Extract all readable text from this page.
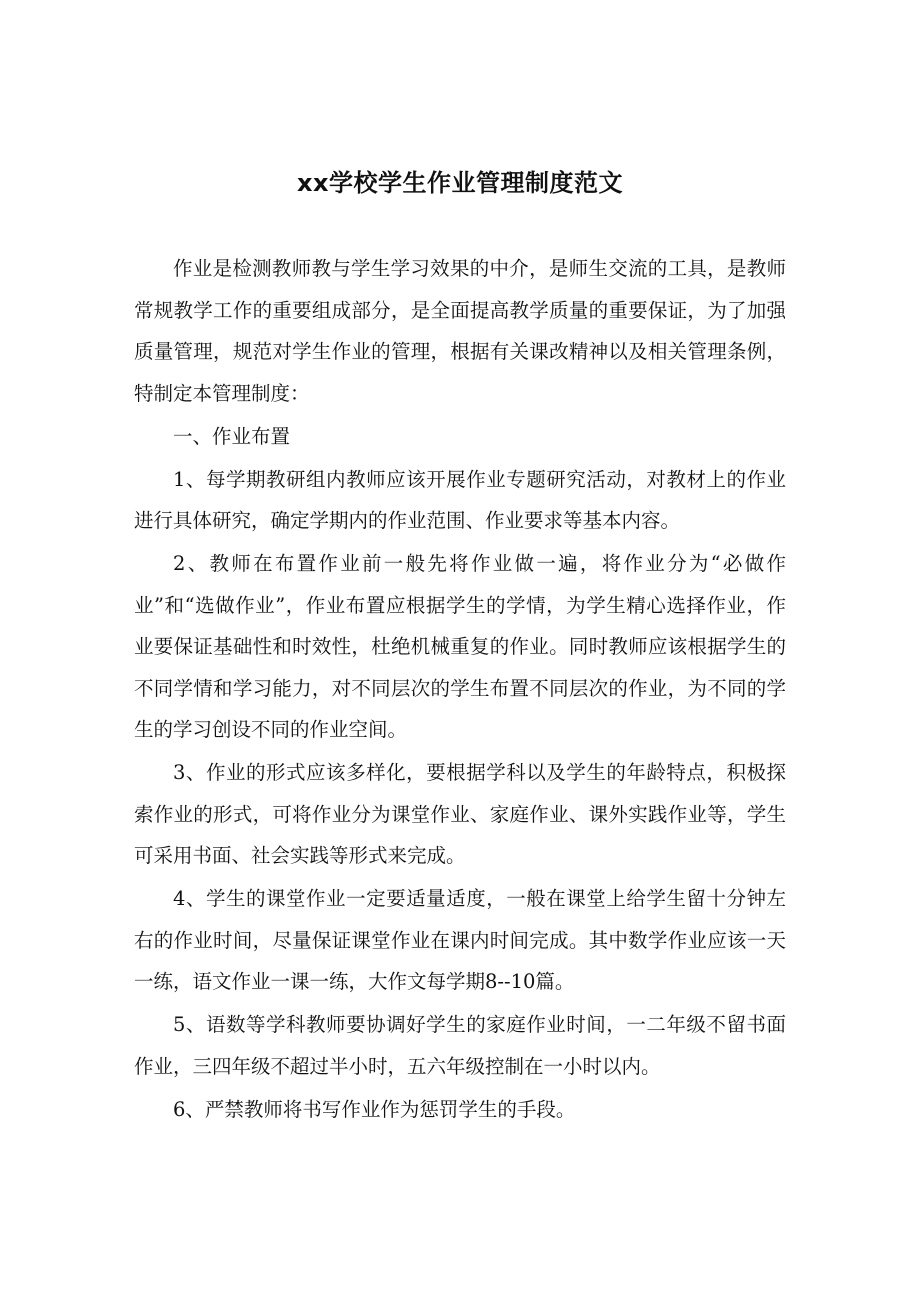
xx学校学生作业管理制度范文

作业是检测教师教与学生学习效果的中介，是师生交流的工具，是教师常规教学工作的重要组成部分，是全面提高教学质量的重要保证，为了加强质量管理，规范对学生作业的管理，根据有关课改精神以及相关管理条例，特制定本管理制度：

一、作业布置

1、每学期教研组内教师应该开展作业专题研究活动，对教材上的作业进行具体研究，确定学期内的作业范围、作业要求等基本内容。

2、教师在布置作业前一般先将作业做一遍，将作业分为“必做作业”和“选做作业”，作业布置应根据学生的学情，为学生精心选择作业，作业要保证基础性和时效性，杜绝机械重复的作业。同时教师应该根据学生的不同学情和学习能力，对不同层次的学生布置不同层次的作业，为不同的学生的学习创设不同的作业空间。

3、作业的形式应该多样化，要根据学科以及学生的年龄特点，积极探索作业的形式，可将作业分为课堂作业、家庭作业、课外实践作业等，学生可采用书面、社会实践等形式来完成。

4、学生的课堂作业一定要适量适度，一般在课堂上给学生留十分钟左右的作业时间，尽量保证课堂作业在课内时间完成。其中数学作业应该一天一练，语文作业一课一练，大作文每学期8--10篇。

5、语数等学科教师要协调好学生的家庭作业时间，一二年级不留书面作业，三四年级不超过半小时，五六年级控制在一小时以内。

6、严禁教师将书写作业作为惩罚学生的手段。
